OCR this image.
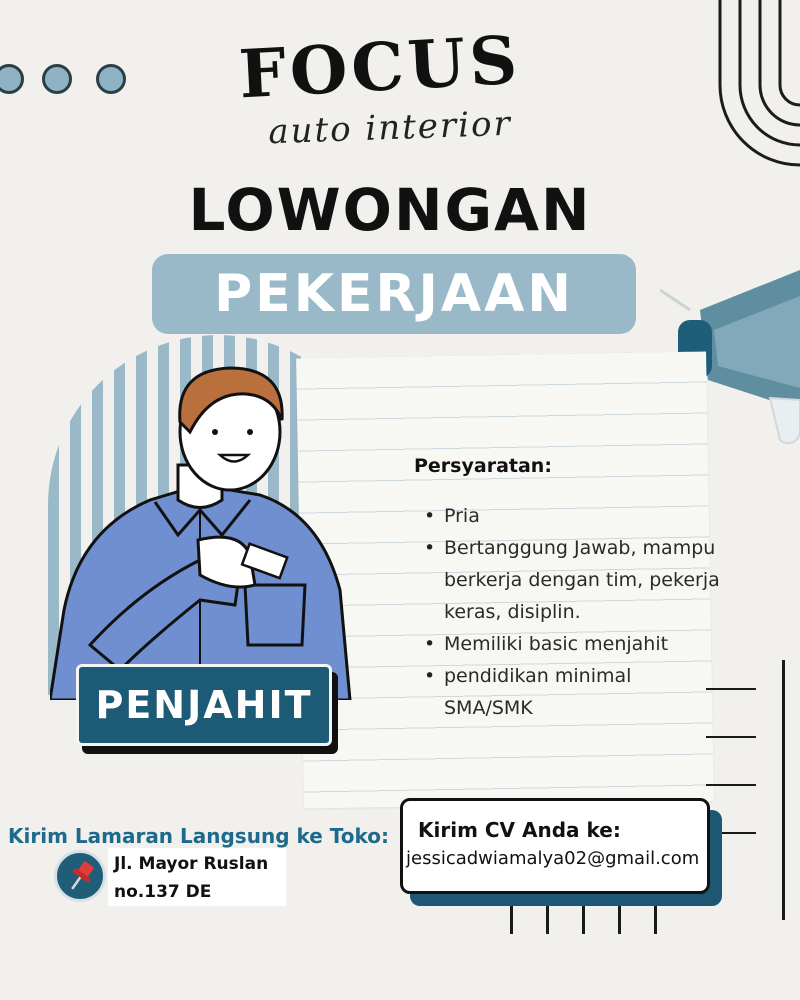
FOCUS
auto interior
LOWONGAN
PEKERJAAN
Persyaratan:
• Pria
• Bertanggung Jawab, mampu berkerja dengan tim, pekerja keras, disiplin.
• Memiliki basic menjahit
• pendidikan minimal SMA/SMK
PENJAHIT
Kirim Lamaran Langsung ke Toko:
Jl. Mayor Ruslan
no.137 DE
Kirim CV Anda ke:
jessicadwiamalya02@gmail.com
